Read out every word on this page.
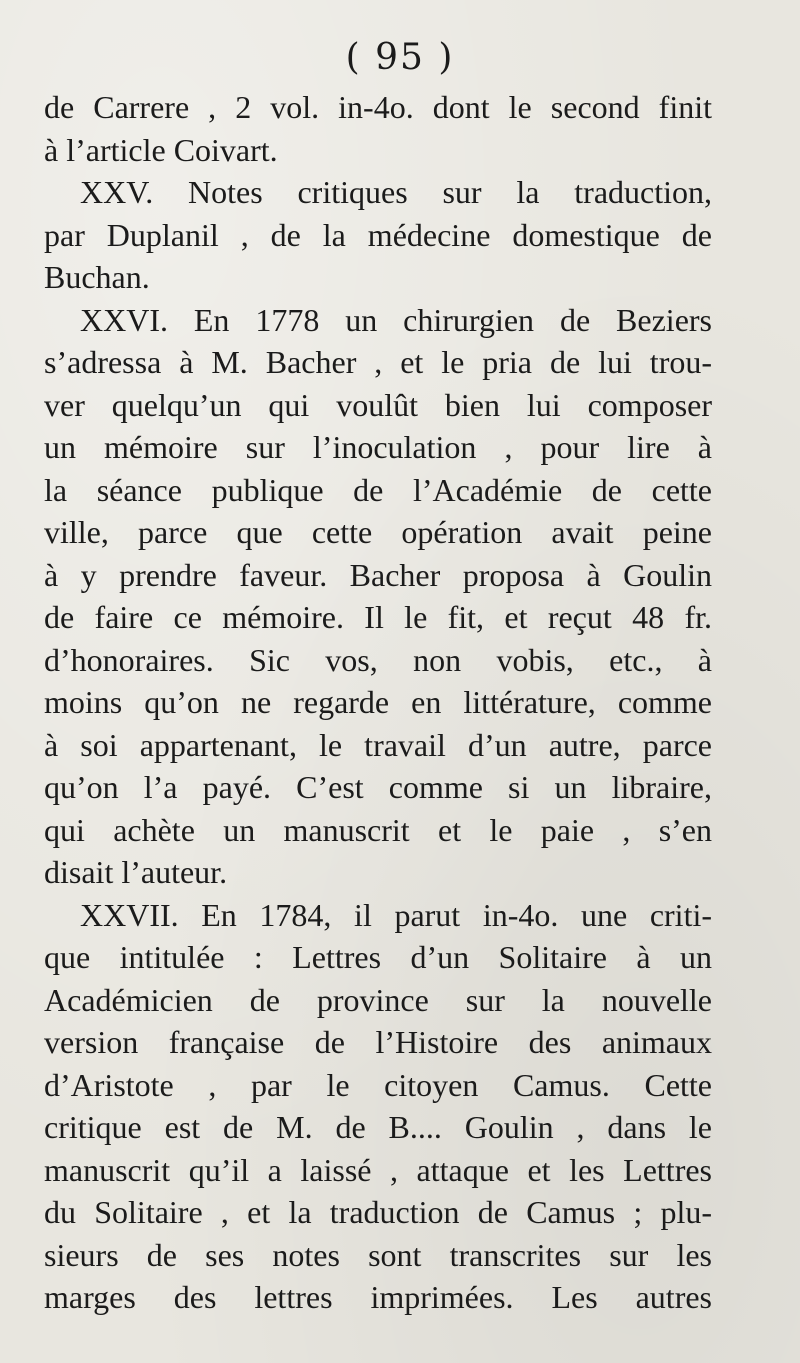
( 95 )
de Carrere , 2 vol. in-4o. dont le second finit
à l’article Coivart.
XXV. Notes critiques sur la traduction,
par Duplanil , de la médecine domestique de
Buchan.
XXVI. En 1778 un chirurgien de Beziers
s’adressa à M. Bacher , et le pria de lui trou-
ver quelqu’un qui voulût bien lui composer
un mémoire sur l’inoculation , pour lire à
la séance publique de l’Académie de cette
ville, parce que cette opération avait peine
à y prendre faveur. Bacher proposa à Goulin
de faire ce mémoire. Il le fit, et reçut 48 fr.
d’honoraires. Sic vos, non vobis, etc., à
moins qu’on ne regarde en littérature, comme
à soi appartenant, le travail d’un autre, parce
qu’on l’a payé. C’est comme si un libraire,
qui achète un manuscrit et le paie , s’en
disait l’auteur.
XXVII. En 1784, il parut in-4o. une criti-
que intitulée : Lettres d’un Solitaire à un
Académicien de province sur la nouvelle
version française de l’Histoire des animaux
d’Aristote , par le citoyen Camus. Cette
critique est de M. de B.... Goulin , dans le
manuscrit qu’il a laissé , attaque et les Lettres
du Solitaire , et la traduction de Camus ; plu-
sieurs de ses notes sont transcrites sur les
marges des lettres imprimées. Les autres
